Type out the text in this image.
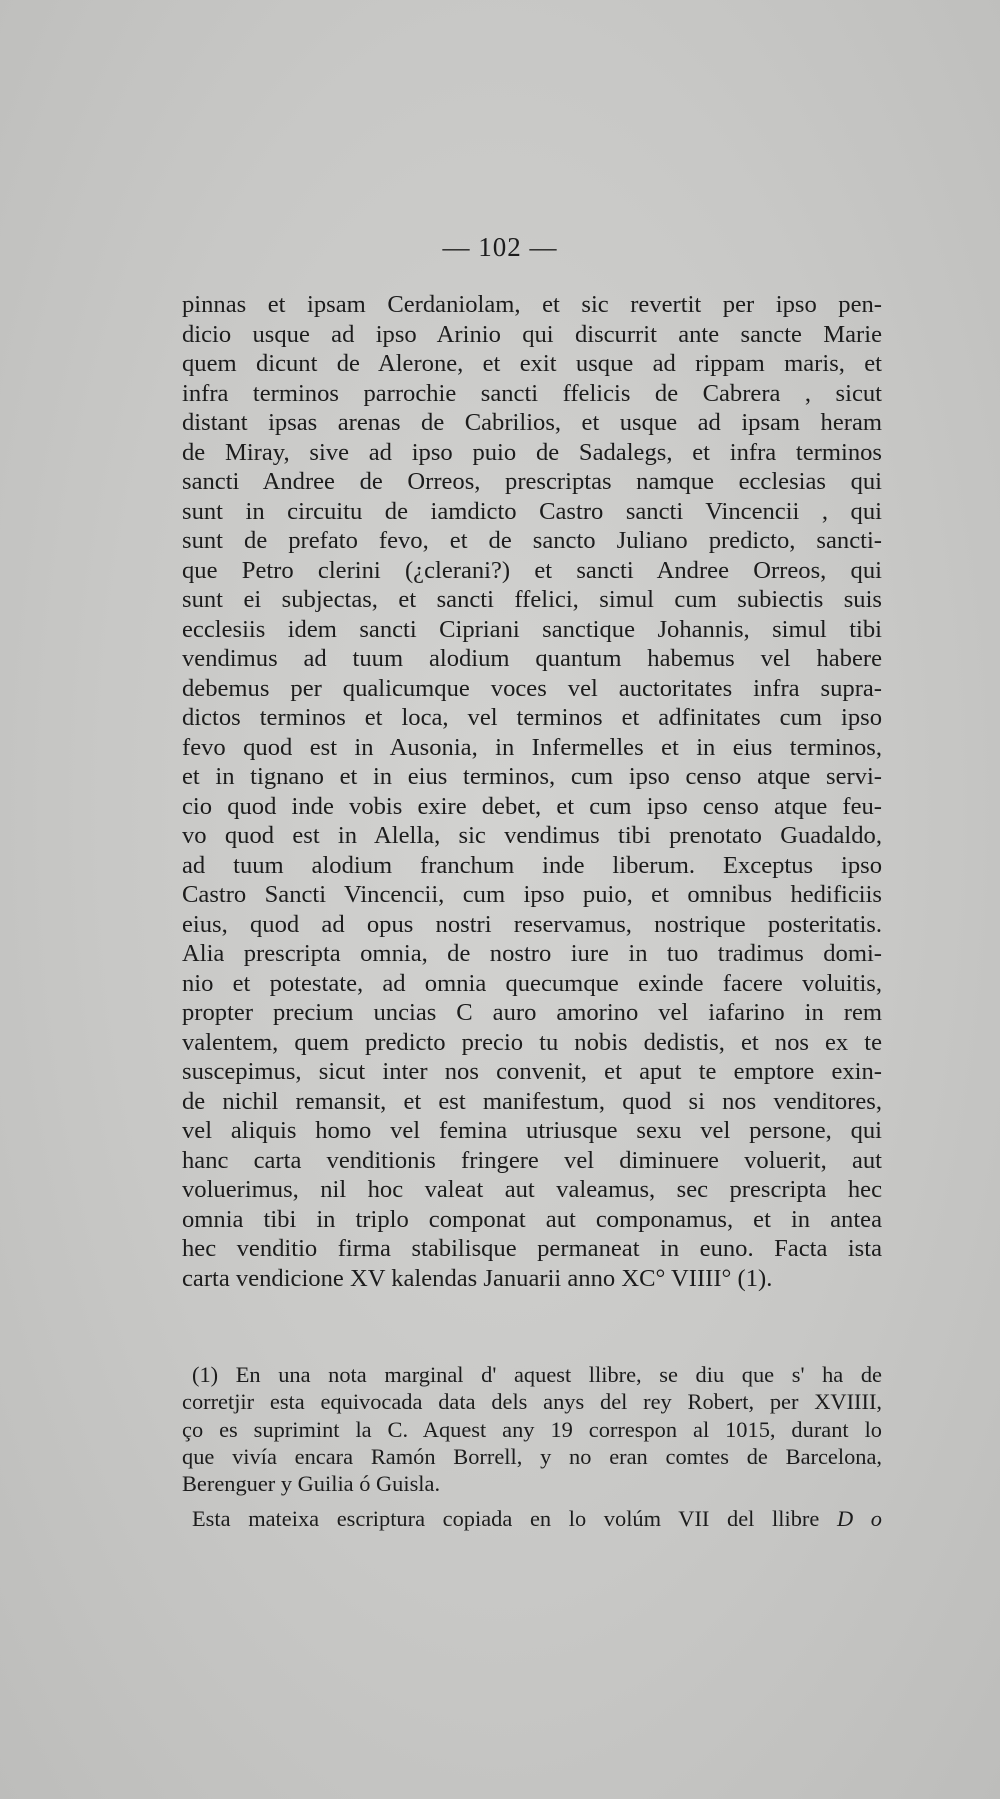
— 102 —
pinnas et ipsam Cerdaniolam, et sic revertit per ipso pen-
dicio usque ad ipso Arinio qui discurrit ante sancte Marie
quem dicunt de Alerone, et exit usque ad rippam maris, et
infra terminos parrochie sancti ffelicis de Cabrera , sicut
distant ipsas arenas de Cabrilios, et usque ad ipsam heram
de Miray, sive ad ipso puio de Sadalegs, et infra terminos
sancti Andree de Orreos, prescriptas namque ecclesias qui
sunt in circuitu de iamdicto Castro sancti Vincencii , qui
sunt de prefato fevo, et de sancto Juliano predicto, sancti-
que Petro clerini (¿clerani?) et sancti Andree Orreos, qui
sunt ei subjectas, et sancti ffelici, simul cum subiectis suis
ecclesiis idem sancti Cipriani sanctique Johannis, simul tibi
vendimus ad tuum alodium quantum habemus vel habere
debemus per qualicumque voces vel auctoritates infra supra-
dictos terminos et loca, vel terminos et adfinitates cum ipso
fevo quod est in Ausonia, in Infermelles et in eius terminos,
et in tignano et in eius terminos, cum ipso censo atque servi-
cio quod inde vobis exire debet, et cum ipso censo atque feu-
vo quod est in Alella, sic vendimus tibi prenotato Guadaldo,
ad tuum alodium franchum inde liberum. Exceptus ipso
Castro Sancti Vincencii, cum ipso puio, et omnibus hedificiis
eius, quod ad opus nostri reservamus, nostrique posteritatis.
Alia prescripta omnia, de nostro iure in tuo tradimus domi-
nio et potestate, ad omnia quecumque exinde facere voluitis,
propter precium uncias C auro amorino vel iafarino in rem
valentem, quem predicto precio tu nobis dedistis, et nos ex te
suscepimus, sicut inter nos convenit, et aput te emptore exin-
de nichil remansit, et est manifestum, quod si nos venditores,
vel aliquis homo vel femina utriusque sexu vel persone, qui
hanc carta venditionis fringere vel diminuere voluerit, aut
voluerimus, nil hoc valeat aut valeamus, sec prescripta hec
omnia tibi in triplo componat aut componamus, et in antea
hec venditio firma stabilisque permaneat in euno. Facta ista
carta vendicione XV kalendas Januarii anno XC° VIIII° (1).
(1) En una nota marginal d' aquest llibre, se diu que s' ha de
corretjir esta equivocada data dels anys del rey Robert, per XVIIII,
ço es suprimint la C. Aquest any 19 correspon al 1015, durant lo
que vivía encara Ramón Borrell, y no eran comtes de Barcelona,
Berenguer y Guilia ó Guisla.
Esta mateixa escriptura copiada en lo volúm VII del llibre D o
